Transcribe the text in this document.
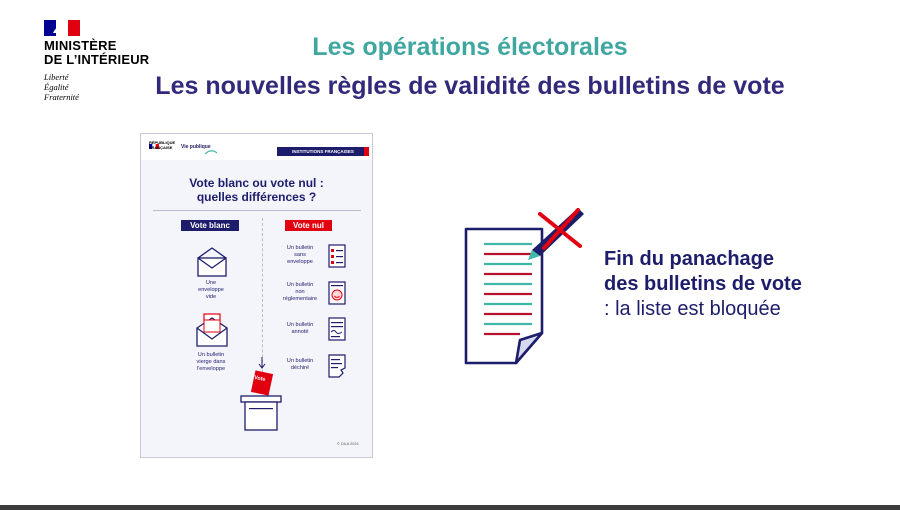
MINISTÈRE
DE L’INTÉRIEUR
Liberté
Égalité
Fraternité
Les opérations électorales
Les nouvelles règles de validité des bulletins de vote
RÉPUBLIQUE
FRANÇAISE	Vie publique
INSTITUTIONS FRANÇAISES
Vote blanc ou vote nul :
quelles différences ?
Vote blanc	Vote nul
Une
enveloppe
vide
Un bulletin
vierge dans
l'enveloppe
Un bulletin
sans
enveloppe
Un bulletin
non
réglementaire
Un bulletin
annoté
Un bulletin
déchiré
Vote
© DILA 2024
Fin du panachage des bulletins de vote : la liste est bloquée
